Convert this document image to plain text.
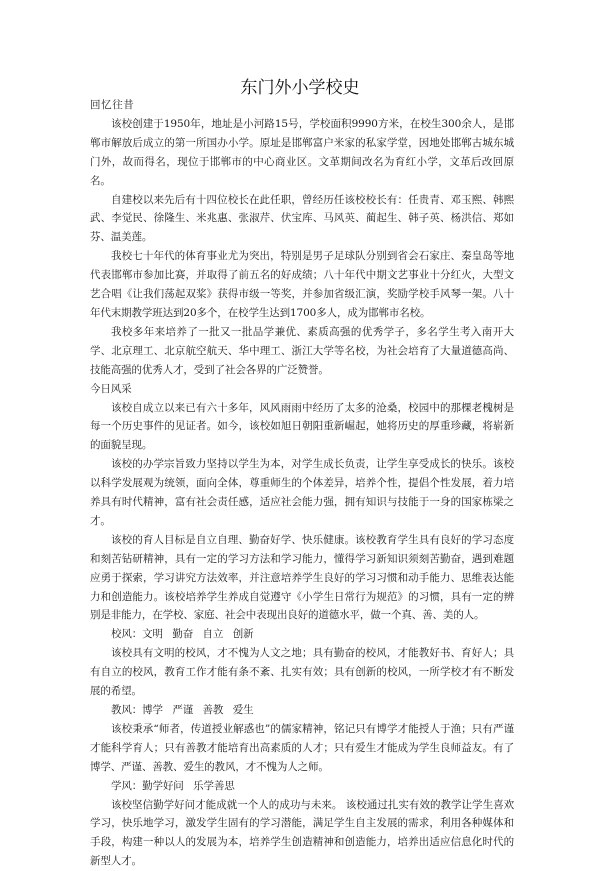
东门外小学校史
回忆往昔

该校创建于1950年，地址是小河路15号，学校面积9990方米，在校生300余人，是邯郸市解放后成立的第一所国办小学。原址是邯郸富户米家的私家学堂，因地处邯郸古城东城门外，故而得名，现位于邯郸市的中心商业区。文革期间改名为育红小学，文革后改回原名。

自建校以来先后有十四位校长在此任职，曾经历任该校校长有：任贵青、邓玉熙、韩熙武、李觉民、徐隆生、米兆惠、张淑芹、伏宝库、马风英、蔺起生、韩子英、杨洪信、郑如芬、温美莲。

我校七十年代的体育事业尤为突出，特别是男子足球队分别到省会石家庄、秦皇岛等地代表邯郸市参加比赛，并取得了前五名的好成绩；八十年代中期文艺事业十分红火，大型文艺合唱《让我们荡起双桨》获得市级一等奖，并参加省级汇演，奖励学校手风琴一架。八十年代末期教学班达到20多个，在校学生达到1700多人，成为邯郸市名校。

我校多年来培养了一批又一批品学兼优、素质高强的优秀学子，多名学生考入南开大学、北京理工、北京航空航天、华中理工、浙江大学等名校，为社会培育了大量道德高尚、技能高强的优秀人才，受到了社会各界的广泛赞誉。

今日风采

该校自成立以来已有六十多年，风风雨雨中经历了太多的沧桑，校园中的那棵老槐树是每一个历史事件的见证者。如今，该校如旭日朝阳重新崛起，她将历史的厚重珍藏，将崭新的面貌呈现。

该校的办学宗旨致力坚持以学生为本，对学生成长负责，让学生享受成长的快乐。该校以科学发展观为统领，面向全体，尊重师生的个体差异，培养个性，提倡个性发展，着力培养具有时代精神，富有社会责任感，适应社会能力强，拥有知识与技能于一身的国家栋梁之才。

该校的育人目标是自立自理、勤奋好学、快乐健康。该校教育学生具有良好的学习态度和刻苦钻研精神，具有一定的学习方法和学习能力，懂得学习新知识须刻苦勤奋，遇到难题应勇于探索，学习讲究方法效率，并注意培养学生良好的学习习惯和动手能力、思维表达能力和创造能力。该校培养学生养成自觉遵守《小学生日常行为规范》的习惯，具有一定的辨别是非能力，在学校、家庭、社会中表现出良好的道德水平，做一个真、善、美的人。

校风：文明 勤奋 自立 创新

该校具有文明的校风，才不愧为人文之地；具有勤奋的校风，才能教好书、育好人；具有自立的校风，教育工作才能有条不紊、扎实有效；具有创新的校风，一所学校才有不断发展的希望。

教风：博学 严谨 善教 爱生

该校秉承“师者，传道授业解惑也”的儒家精神，铭记只有博学才能授人于渔；只有严谨才能科学育人；只有善教才能培育出高素质的人才；只有爱生才能成为学生良师益友。有了博学、严谨、善教、爱生的教风，才不愧为人之师。

学风：勤学好问 乐学善思

该校坚信勤学好问才能成就一个人的成功与未来。 该校通过扎实有效的教学让学生喜欢学习，快乐地学习，激发学生固有的学习潜能，满足学生自主发展的需求，利用各种媒体和手段，构建一种以人的发展为本，培养学生创造精神和创造能力，培养出适应信息化时代的新型人才。
